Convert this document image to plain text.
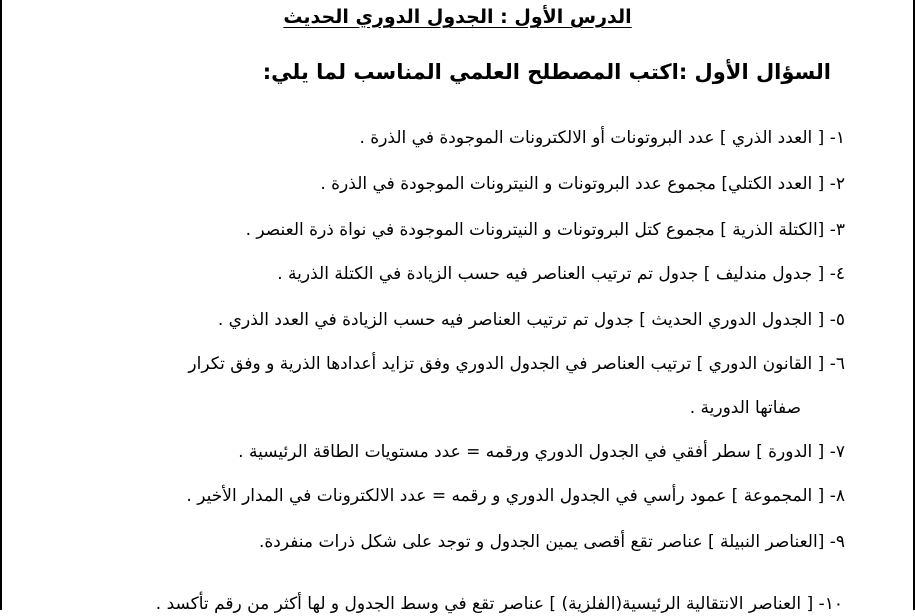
الدرس الأول : الجدول الدوري الحديث
السؤال الأول :اكتب المصطلح العلمي المناسب لما يلي:
١- [ العدد الذري ] عدد البروتونات أو الالكترونات الموجودة في الذرة .
٢- [ العدد الكتلي] مجموع عدد البروتونات و النيترونات الموجودة في الذرة .
٣- [الكتلة الذرية ] مجموع كتل البروتونات و النيترونات الموجودة في نواة ذرة العنصر .
٤- [ جدول مندليف ] جدول تم ترتيب العناصر فيه حسب الزيادة في الكتلة الذرية .
٥- [ الجدول الدوري الحديث ] جدول تم ترتيب العناصر فيه حسب الزيادة في العدد الذري .
٦- [ القانون الدوري ] ترتيب العناصر في الجدول الدوري وفق تزايد أعدادها الذرية و وفق تكرار
صفاتها الدورية .
٧- [ الدورة ] سطر أفقي في الجدول الدوري ورقمه = عدد مستويات الطاقة الرئيسية .
٨- [ المجموعة ] عمود رأسي في الجدول الدوري و رقمه = عدد الالكترونات في المدار الأخير .
٩- [العناصر النبيلة ] عناصر تقع أقصى يمين الجدول و توجد على شكل ذرات منفردة.
١٠- [ العناصر الانتقالية الرئيسية(الفلزية) ] عناصر تقع في وسط الجدول و لها أكثر من رقم تأكسد .
